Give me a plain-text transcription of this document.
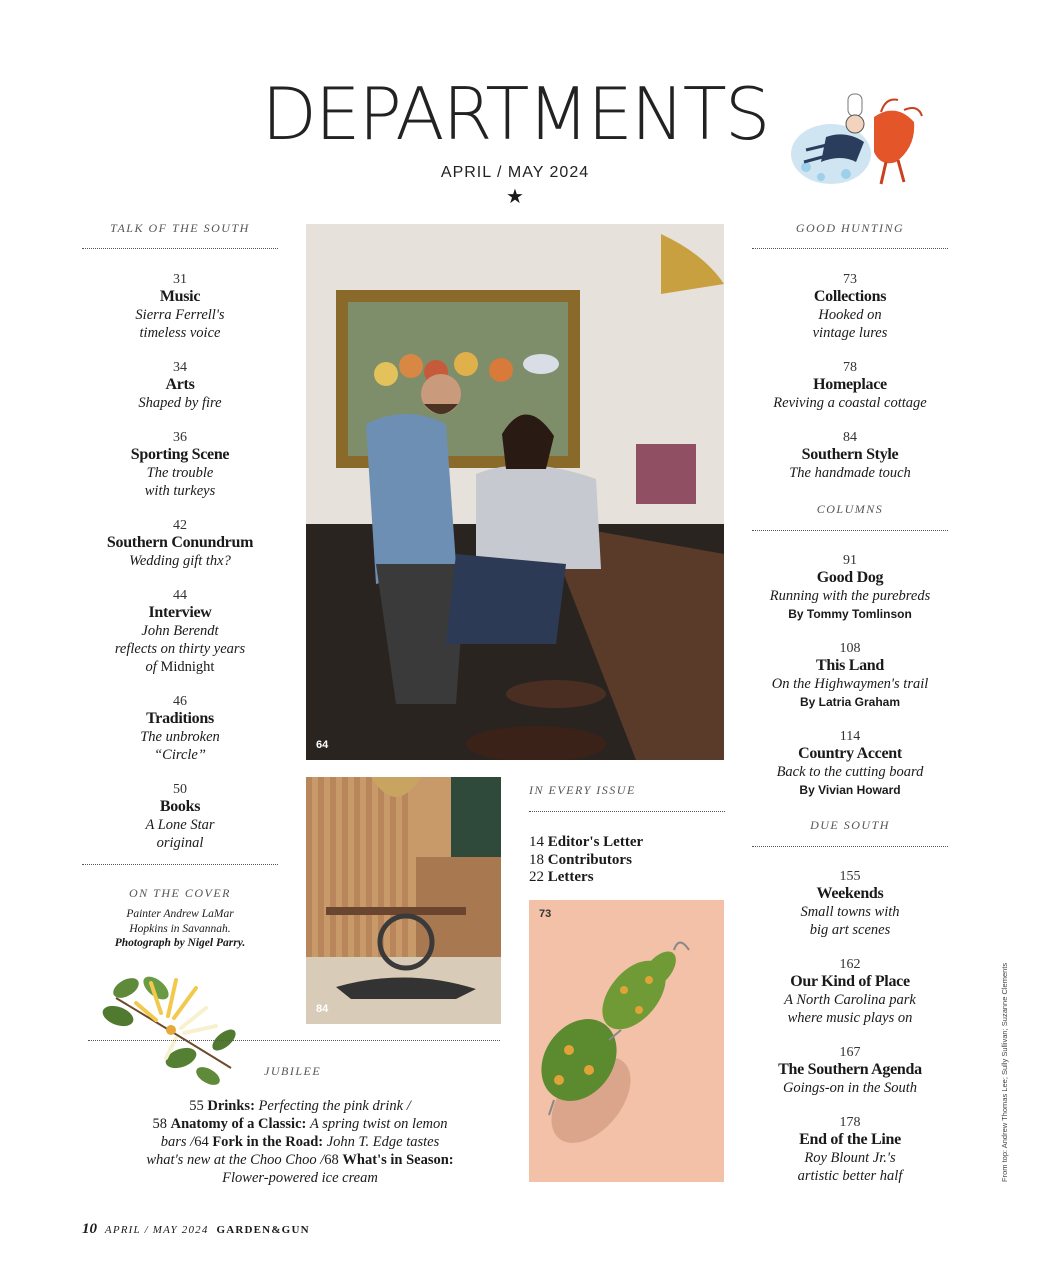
DEPARTMENTS
APRIL / MAY 2024
★
TALK OF THE SOUTH
31
Music
Sierra Ferrell's
timeless voice
34
Arts
Shaped by fire
36
Sporting Scene
The trouble
with turkeys
42
Southern Conundrum
Wedding gift thx?
44
Interview
John Berendt
reflects on thirty years
of Midnight
46
Traditions
The unbroken
“Circle”
50
Books
A Lone Star
original
ON THE COVER
Painter Andrew LaMar
Hopkins in Savannah.
Photograph by Nigel Parry.
64
84
IN EVERY ISSUE
14 Editor's Letter
18 Contributors
22 Letters
73
JUBILEE
55 Drinks: Perfecting the pink drink /
58 Anatomy of a Classic: A spring twist on lemon
bars /64 Fork in the Road: John T. Edge tastes
what's new at the Choo Choo /68 What's in Season:
Flower-powered ice cream
GOOD HUNTING
73
Collections
Hooked on
vintage lures
78
Homeplace
Reviving a coastal cottage
84
Southern Style
The handmade touch
COLUMNS
91
Good Dog
Running with the purebreds
By Tommy Tomlinson
108
This Land
On the Highwaymen's trail
By Latria Graham
114
Country Accent
Back to the cutting board
By Vivian Howard
DUE SOUTH
155
Weekends
Small towns with
big art scenes
162
Our Kind of Place
A North Carolina park
where music plays on
167
The Southern Agenda
Goings-on in the South
178
End of the Line
Roy Blount Jr.'s
artistic better half	From top: Andrew Thomas Lee; Sully Sullivan; Suzanne Clements
10 APRIL / MAY 2024 GARDEN&GUN
